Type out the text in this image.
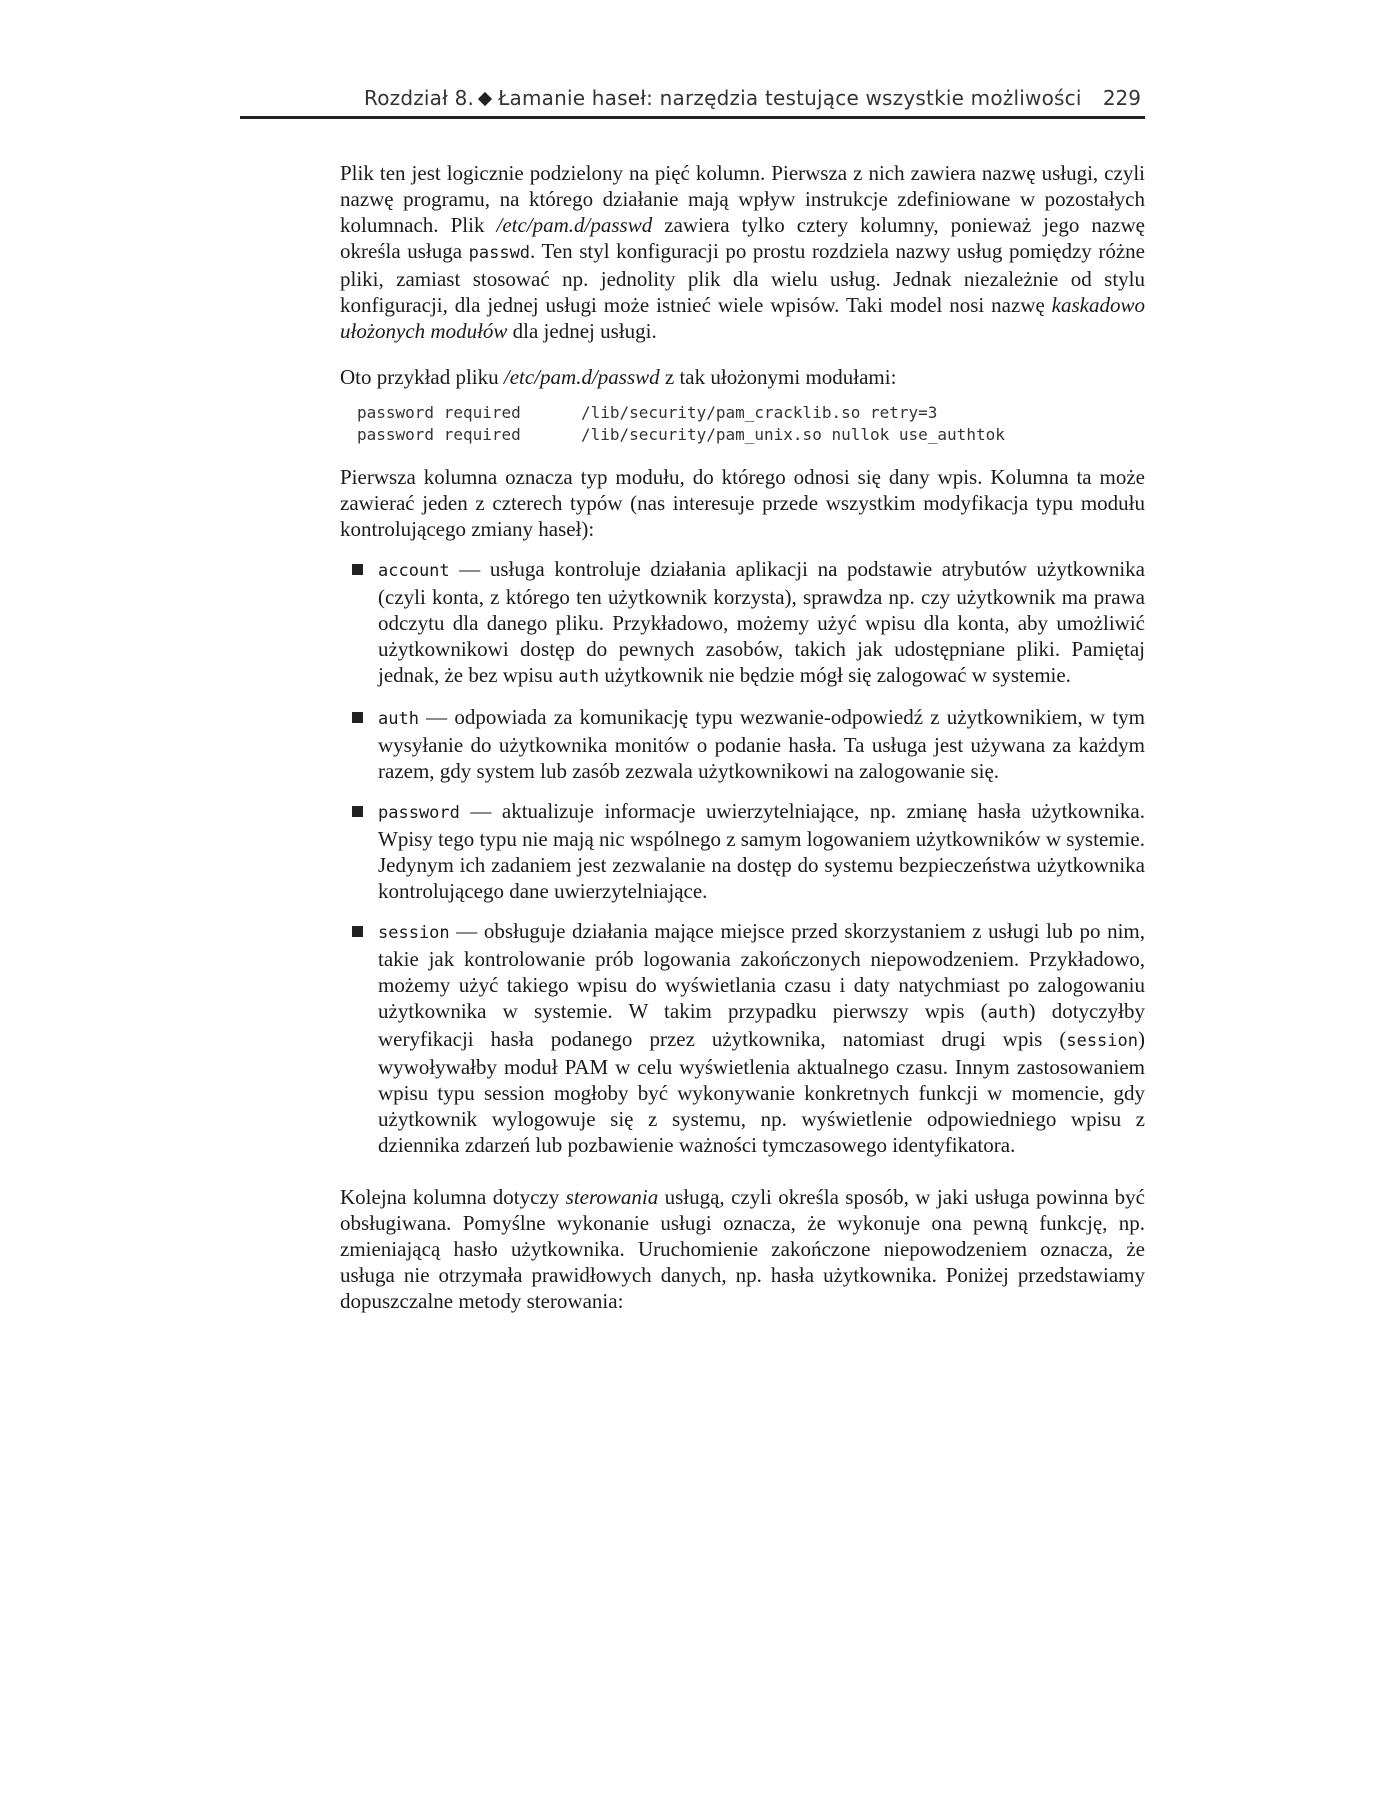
Rozdział 8. Łamanie haseł: narzędzia testujące wszystkie możliwości 229

Plik ten jest logicznie podzielony na pięć kolumn. Pierwsza z nich zawiera nazwę usługi, czyli nazwę programu, na którego działanie mają wpływ instrukcje zdefiniowane w pozostałych kolumnach. Plik /etc/pam.d/passwd zawiera tylko cztery kolumny, ponieważ jego nazwę określa usługa passwd. Ten styl konfiguracji po prostu rozdziela nazwy usług pomiędzy różne pliki, zamiast stosować np. jednolity plik dla wielu usług. Jednak niezależnie od stylu konfiguracji, dla jednej usługi może istnieć wiele wpisów. Taki model nosi nazwę kaskadowo ułożonych modułów dla jednej usługi.

Oto przykład pliku /etc/pam.d/passwd z tak ułożonymi modułami:

password required	/lib/security/pam_cracklib.so retry=3
password required	/lib/security/pam_unix.so nullok use_authtok

Pierwsza kolumna oznacza typ modułu, do którego odnosi się dany wpis. Kolumna ta może zawierać jeden z czterech typów (nas interesuje przede wszystkim modyfikacja typu modułu kontrolującego zmiany haseł):

account — usługa kontroluje działania aplikacji na podstawie atrybutów użytkownika (czyli konta, z którego ten użytkownik korzysta), sprawdza np. czy użytkownik ma prawa odczytu dla danego pliku. Przykładowo, możemy użyć wpisu dla konta, aby umożliwić użytkownikowi dostęp do pewnych zasobów, takich jak udostępniane pliki. Pamiętaj jednak, że bez wpisu auth użytkownik nie będzie mógł się zalogować w systemie.
auth — odpowiada za komunikację typu wezwanie-odpowiedź z użytkownikiem, w tym wysyłanie do użytkownika monitów o podanie hasła. Ta usługa jest używana za każdym razem, gdy system lub zasób zezwala użytkownikowi na zalogowanie się.
password — aktualizuje informacje uwierzytelniające, np. zmianę hasła użytkownika. Wpisy tego typu nie mają nic wspólnego z samym logowaniem użytkowników w systemie. Jedynym ich zadaniem jest zezwalanie na dostęp do systemu bezpieczeństwa użytkownika kontrolującego dane uwierzytelniające.
session — obsługuje działania mające miejsce przed skorzystaniem z usługi lub po nim, takie jak kontrolowanie prób logowania zakończonych niepowodzeniem. Przykładowo, możemy użyć takiego wpisu do wyświetlania czasu i daty natychmiast po zalogowaniu użytkownika w systemie. W takim przypadku pierwszy wpis (auth) dotyczyłby weryfikacji hasła podanego przez użytkownika, natomiast drugi wpis (session) wywoływałby moduł PAM w celu wyświetlenia aktualnego czasu. Innym zastosowaniem wpisu typu session mogłoby być wykonywanie konkretnych funkcji w momencie, gdy użytkownik wylogowuje się z systemu, np. wyświetlenie odpowiedniego wpisu z dziennika zdarzeń lub pozbawienie ważności tymczasowego identyfikatora.

Kolejna kolumna dotyczy sterowania usługą, czyli określa sposób, w jaki usługa powinna być obsługiwana. Pomyślne wykonanie usługi oznacza, że wykonuje ona pewną funkcję, np. zmieniającą hasło użytkownika. Uruchomienie zakończone niepowodzeniem oznacza, że usługa nie otrzymała prawidłowych danych, np. hasła użytkownika. Poniżej przedstawiamy dopuszczalne metody sterowania:
